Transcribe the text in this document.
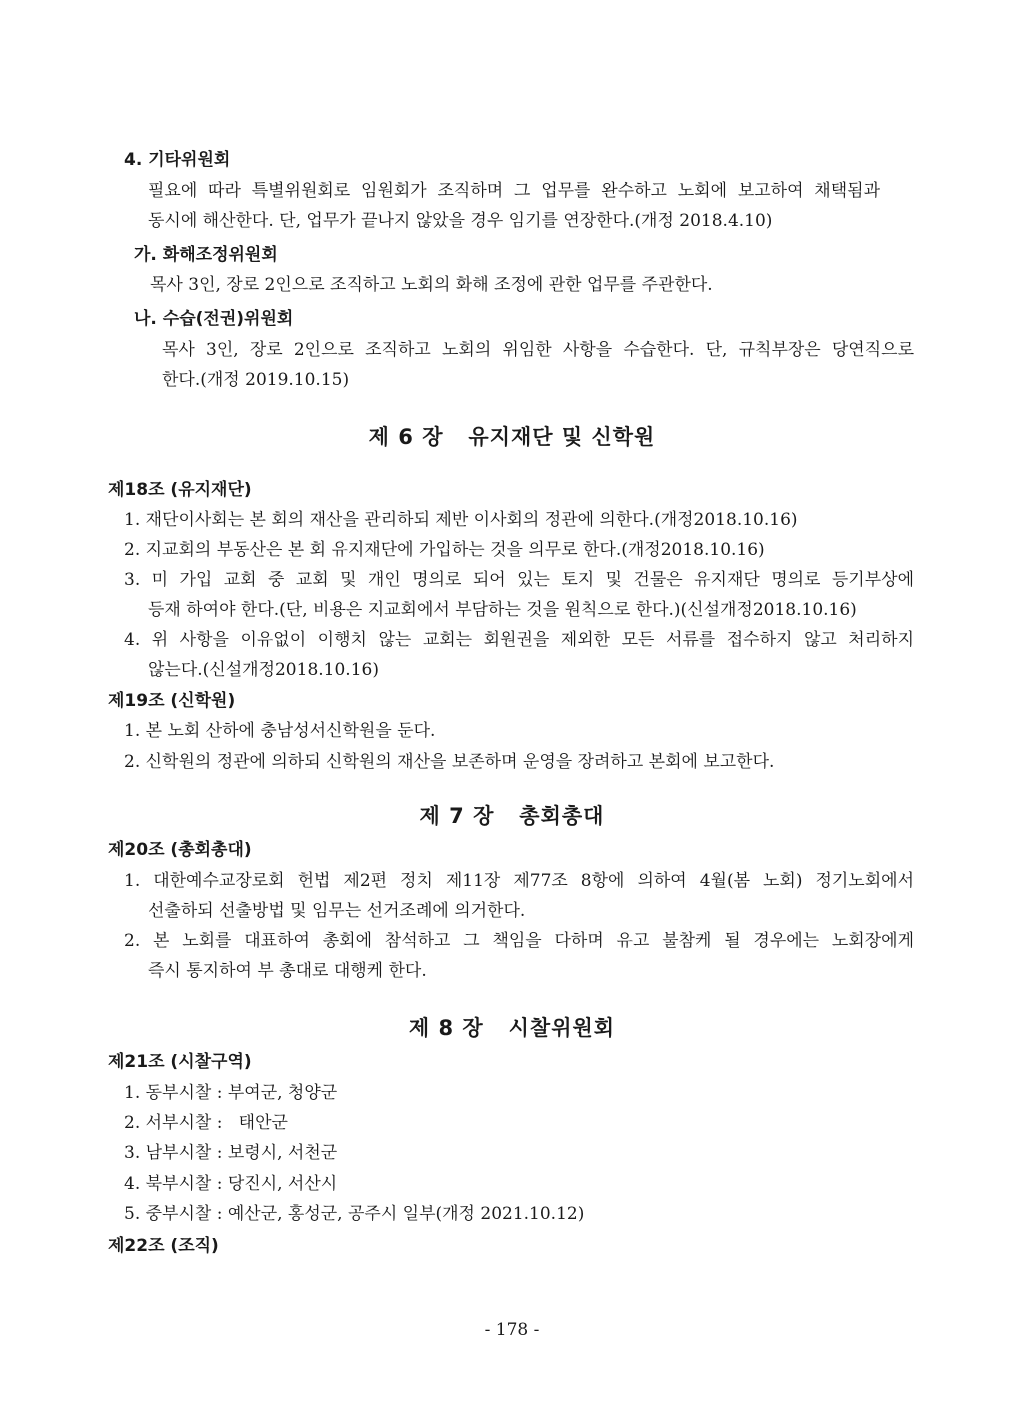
4. 기타위원회
필요에 따라 특별위원회로 임원회가 조직하며 그 업무를 완수하고 노회에 보고하여 채택됨과
동시에 해산한다. 단, 업무가 끝나지 않았을 경우 임기를 연장한다.(개정 2018.4.10)
가. 화해조정위원회
목사 3인, 장로 2인으로 조직하고 노회의 화해 조정에 관한 업무를 주관한다.
나. 수습(전권)위원회
목사 3인, 장로 2인으로 조직하고 노회의 위임한 사항을 수습한다. 단, 규칙부장은 당연직으로
한다.(개정 2019.10.15)
제 6 장   유지재단 및 신학원
제18조 (유지재단)
1. 재단이사회는 본 회의 재산을 관리하되 제반 이사회의 정관에 의한다.(개정2018.10.16)
2. 지교회의 부동산은 본 회 유지재단에 가입하는 것을 의무로 한다.(개정2018.10.16)
3. 미 가입 교회 중 교회 및 개인 명의로 되어 있는 토지 및 건물은 유지재단 명의로 등기부상에
등재 하여야 한다.(단, 비용은 지교회에서 부담하는 것을 원칙으로 한다.)(신설개정2018.10.16)
4. 위 사항을 이유없이 이행치 않는 교회는 회원권을 제외한 모든 서류를 접수하지 않고 처리하지
않는다.(신설개정2018.10.16)
제19조 (신학원)
1. 본 노회 산하에 충남성서신학원을 둔다.
2. 신학원의 정관에 의하되 신학원의 재산을 보존하며 운영을 장려하고 본회에 보고한다.
제 7 장   총회총대
제20조 (총회총대)
1. 대한예수교장로회 헌법 제2편 정치 제11장 제77조 8항에 의하여 4월(봄 노회) 정기노회에서
선출하되 선출방법 및 임무는 선거조례에 의거한다.
2. 본 노회를 대표하여 총회에 참석하고 그 책임을 다하며 유고 불참케 될 경우에는 노회장에게
즉시 통지하여 부 총대로 대행케 한다.
제 8 장   시찰위원회
제21조 (시찰구역)
1. 동부시찰 : 부여군, 청양군
2. 서부시찰 :   태안군
3. 남부시찰 : 보령시, 서천군
4. 북부시찰 : 당진시, 서산시
5. 중부시찰 : 예산군, 홍성군, 공주시 일부(개정 2021.10.12)
제22조 (조직)
- 178 -
